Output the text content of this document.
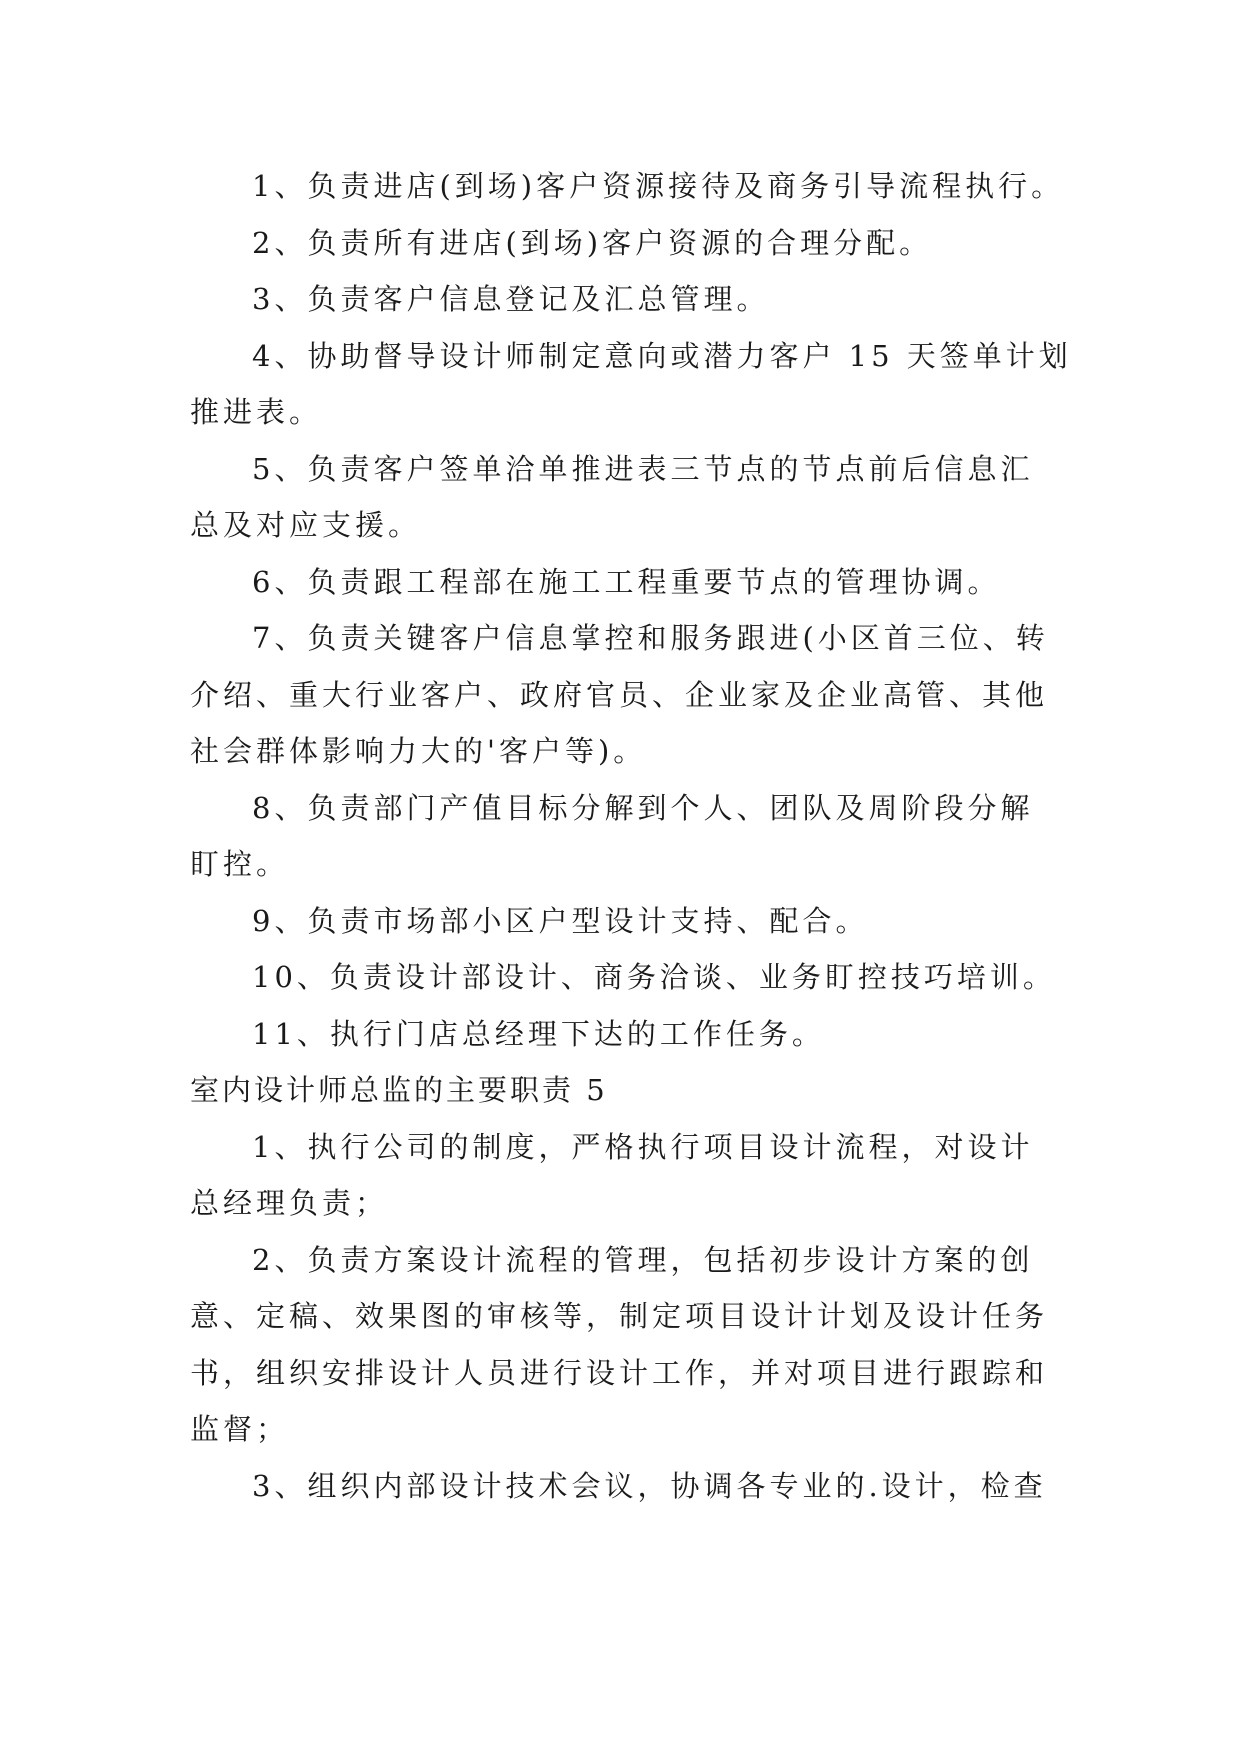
1、负责进店(到场)客户资源接待及商务引导流程执行。
2、负责所有进店(到场)客户资源的合理分配。
3、负责客户信息登记及汇总管理。
4、协助督导设计师制定意向或潜力客户 15 天签单计划
推进表。
5、负责客户签单洽单推进表三节点的节点前后信息汇
总及对应支援。
6、负责跟工程部在施工工程重要节点的管理协调。
7、负责关键客户信息掌控和服务跟进(小区首三位、转
介绍、重大行业客户、政府官员、企业家及企业高管、其他
社会群体影响力大的'客户等)。
8、负责部门产值目标分解到个人、团队及周阶段分解
盯控。
9、负责市场部小区户型设计支持、配合。
10、负责设计部设计、商务洽谈、业务盯控技巧培训。
11、执行门店总经理下达的工作任务。
室内设计师总监的主要职责 5
1、执行公司的制度，严格执行项目设计流程，对设计
总经理负责；
2、负责方案设计流程的管理，包括初步设计方案的创
意、定稿、效果图的审核等，制定项目设计计划及设计任务
书，组织安排设计人员进行设计工作，并对项目进行跟踪和
监督；
3、组织内部设计技术会议，协调各专业的.设计，检查
